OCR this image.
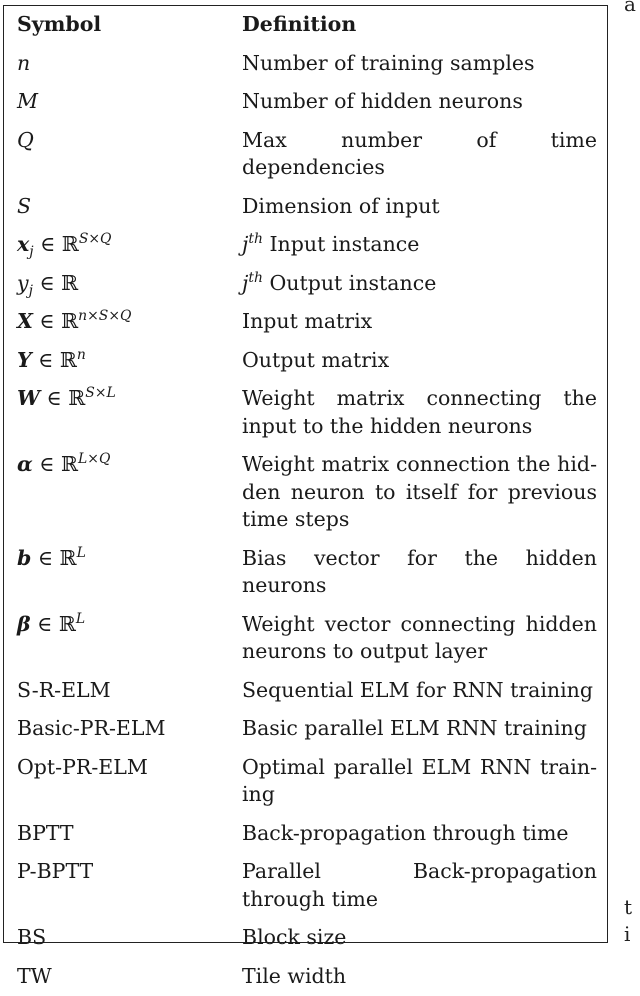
Symbol	Definition
n	Number of training samples
M	Number of hidden neurons
Q	Max number of time dependencies
S	Dimension of input
$x_j$ ∈ ℝ$^{S\times Q}$	$j^{th}$ Input instance
$y_j$ ∈ ℝ	$j^{th}$ Output instance
X ∈ ℝ$^{n\times S\times Q}$	Input matrix
Y ∈ ℝ$^n$	Output matrix
W ∈ ℝ$^{S\times L}$	Weight matrix connecting the input to the hidden neurons
α ∈ ℝ$^{L\times Q}$	Weight matrix connection the hidden neuron to itself for previous time steps
b ∈ ℝ$^L$	Bias vector for the hidden neurons
β ∈ ℝ$^L$	Weight vector connecting hidden neurons to output layer
S-R-ELM	Sequential ELM for RNN training
Basic-PR-ELM	Basic parallel ELM RNN training
Opt-PR-ELM	Optimal parallel ELM RNN training
BPTT	Back-propagation through time
P-BPTT	Parallel Back-propagation through time
BS	Block size
TW	Tile width
a
t
i
